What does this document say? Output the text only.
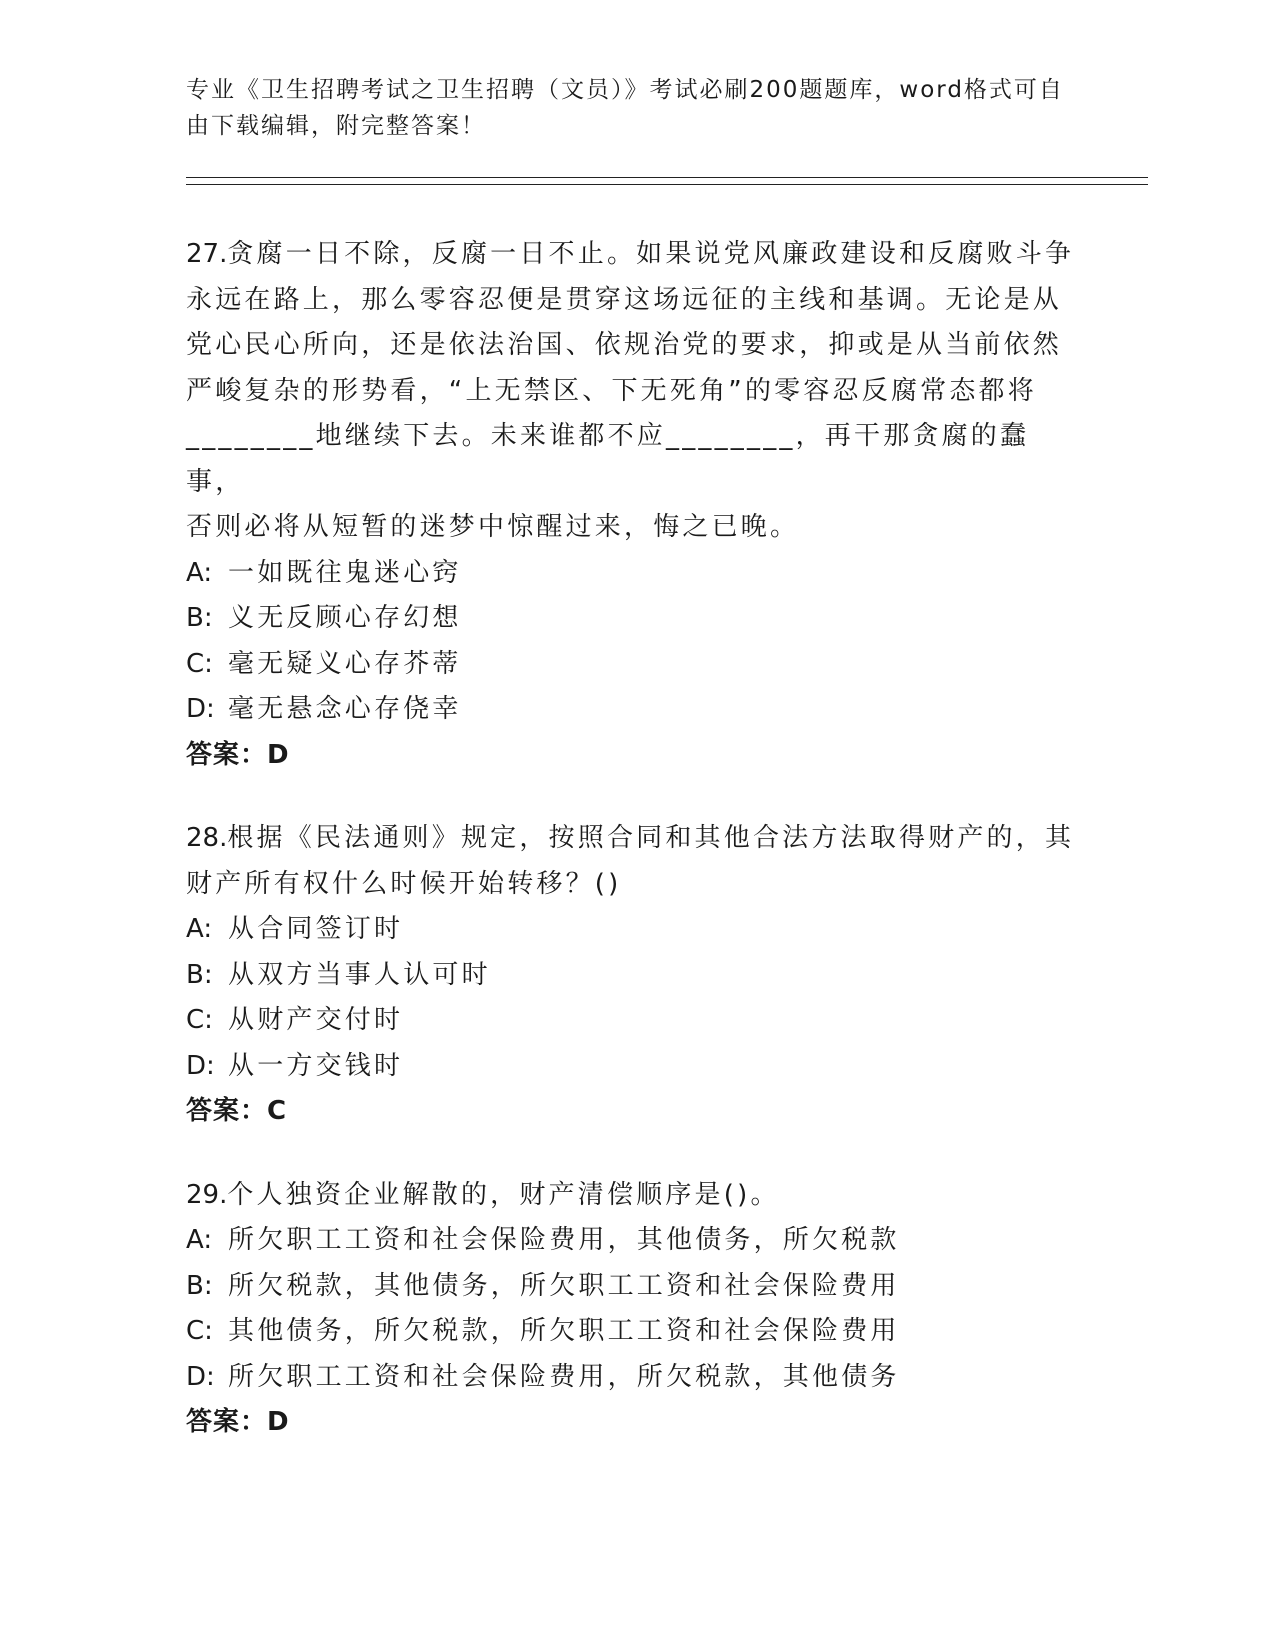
专业《卫生招聘考试之卫生招聘（文员）》考试必刷200题题库，word格式可自
由下载编辑，附完整答案！
27.贪腐一日不除，反腐一日不止。如果说党风廉政建设和反腐败斗争
永远在路上，那么零容忍便是贯穿这场远征的主线和基调。无论是从
党心民心所向，还是依法治国、依规治党的要求，抑或是从当前依然
严峻复杂的形势看，“上无禁区、下无死角”的零容忍反腐常态都将
________地继续下去。未来谁都不应________，再干那贪腐的蠢事，
否则必将从短暂的迷梦中惊醒过来，悔之已晚。
A: 一如既往鬼迷心窍
B: 义无反顾心存幻想
C: 毫无疑义心存芥蒂
D: 毫无悬念心存侥幸
答案：D
28.根据《民法通则》规定，按照合同和其他合法方法取得财产的，其
财产所有权什么时候开始转移？()
A: 从合同签订时
B: 从双方当事人认可时
C: 从财产交付时
D: 从一方交钱时
答案：C
29.个人独资企业解散的，财产清偿顺序是()。
A: 所欠职工工资和社会保险费用，其他债务，所欠税款
B: 所欠税款，其他债务，所欠职工工资和社会保险费用
C: 其他债务，所欠税款，所欠职工工资和社会保险费用
D: 所欠职工工资和社会保险费用，所欠税款，其他债务
答案：D
